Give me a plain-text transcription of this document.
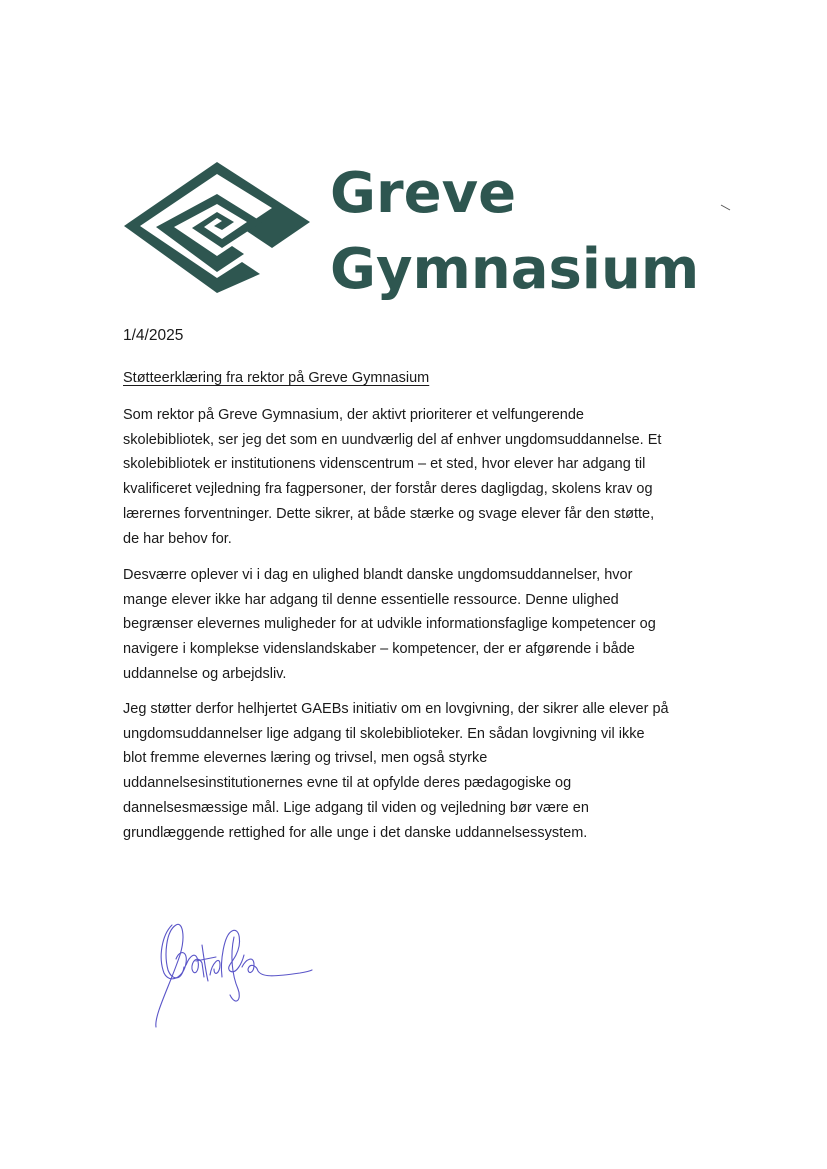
Greve
Gymnasium
1/4/2025
Støtteerklæring fra rektor på Greve Gymnasium

Som rektor på Greve Gymnasium, der aktivt prioriterer et velfungerende
skolebibliotek, ser jeg det som en uundværlig del af enhver ungdomsuddannelse. Et
skolebibliotek er institutionens videnscentrum – et sted, hvor elever har adgang til
kvalificeret vejledning fra fagpersoner, der forstår deres dagligdag, skolens krav og
lærernes forventninger. Dette sikrer, at både stærke og svage elever får den støtte,
de har behov for.

Desværre oplever vi i dag en ulighed blandt danske ungdomsuddannelser, hvor
mange elever ikke har adgang til denne essentielle ressource. Denne ulighed
begrænser elevernes muligheder for at udvikle informationsfaglige kompetencer og
navigere i komplekse videnslandskaber – kompetencer, der er afgørende i både
uddannelse og arbejdsliv.

Jeg støtter derfor helhjertet GAEBs initiativ om en lovgivning, der sikrer alle elever på
ungdomsuddannelser lige adgang til skolebiblioteker. En sådan lovgivning vil ikke
blot fremme elevernes læring og trivsel, men også styrke
uddannelsesinstitutionernes evne til at opfylde deres pædagogiske og
dannelsesmæssige mål. Lige adgang til viden og vejledning bør være en
grundlæggende rettighed for alle unge i det danske uddannelsessystem.
